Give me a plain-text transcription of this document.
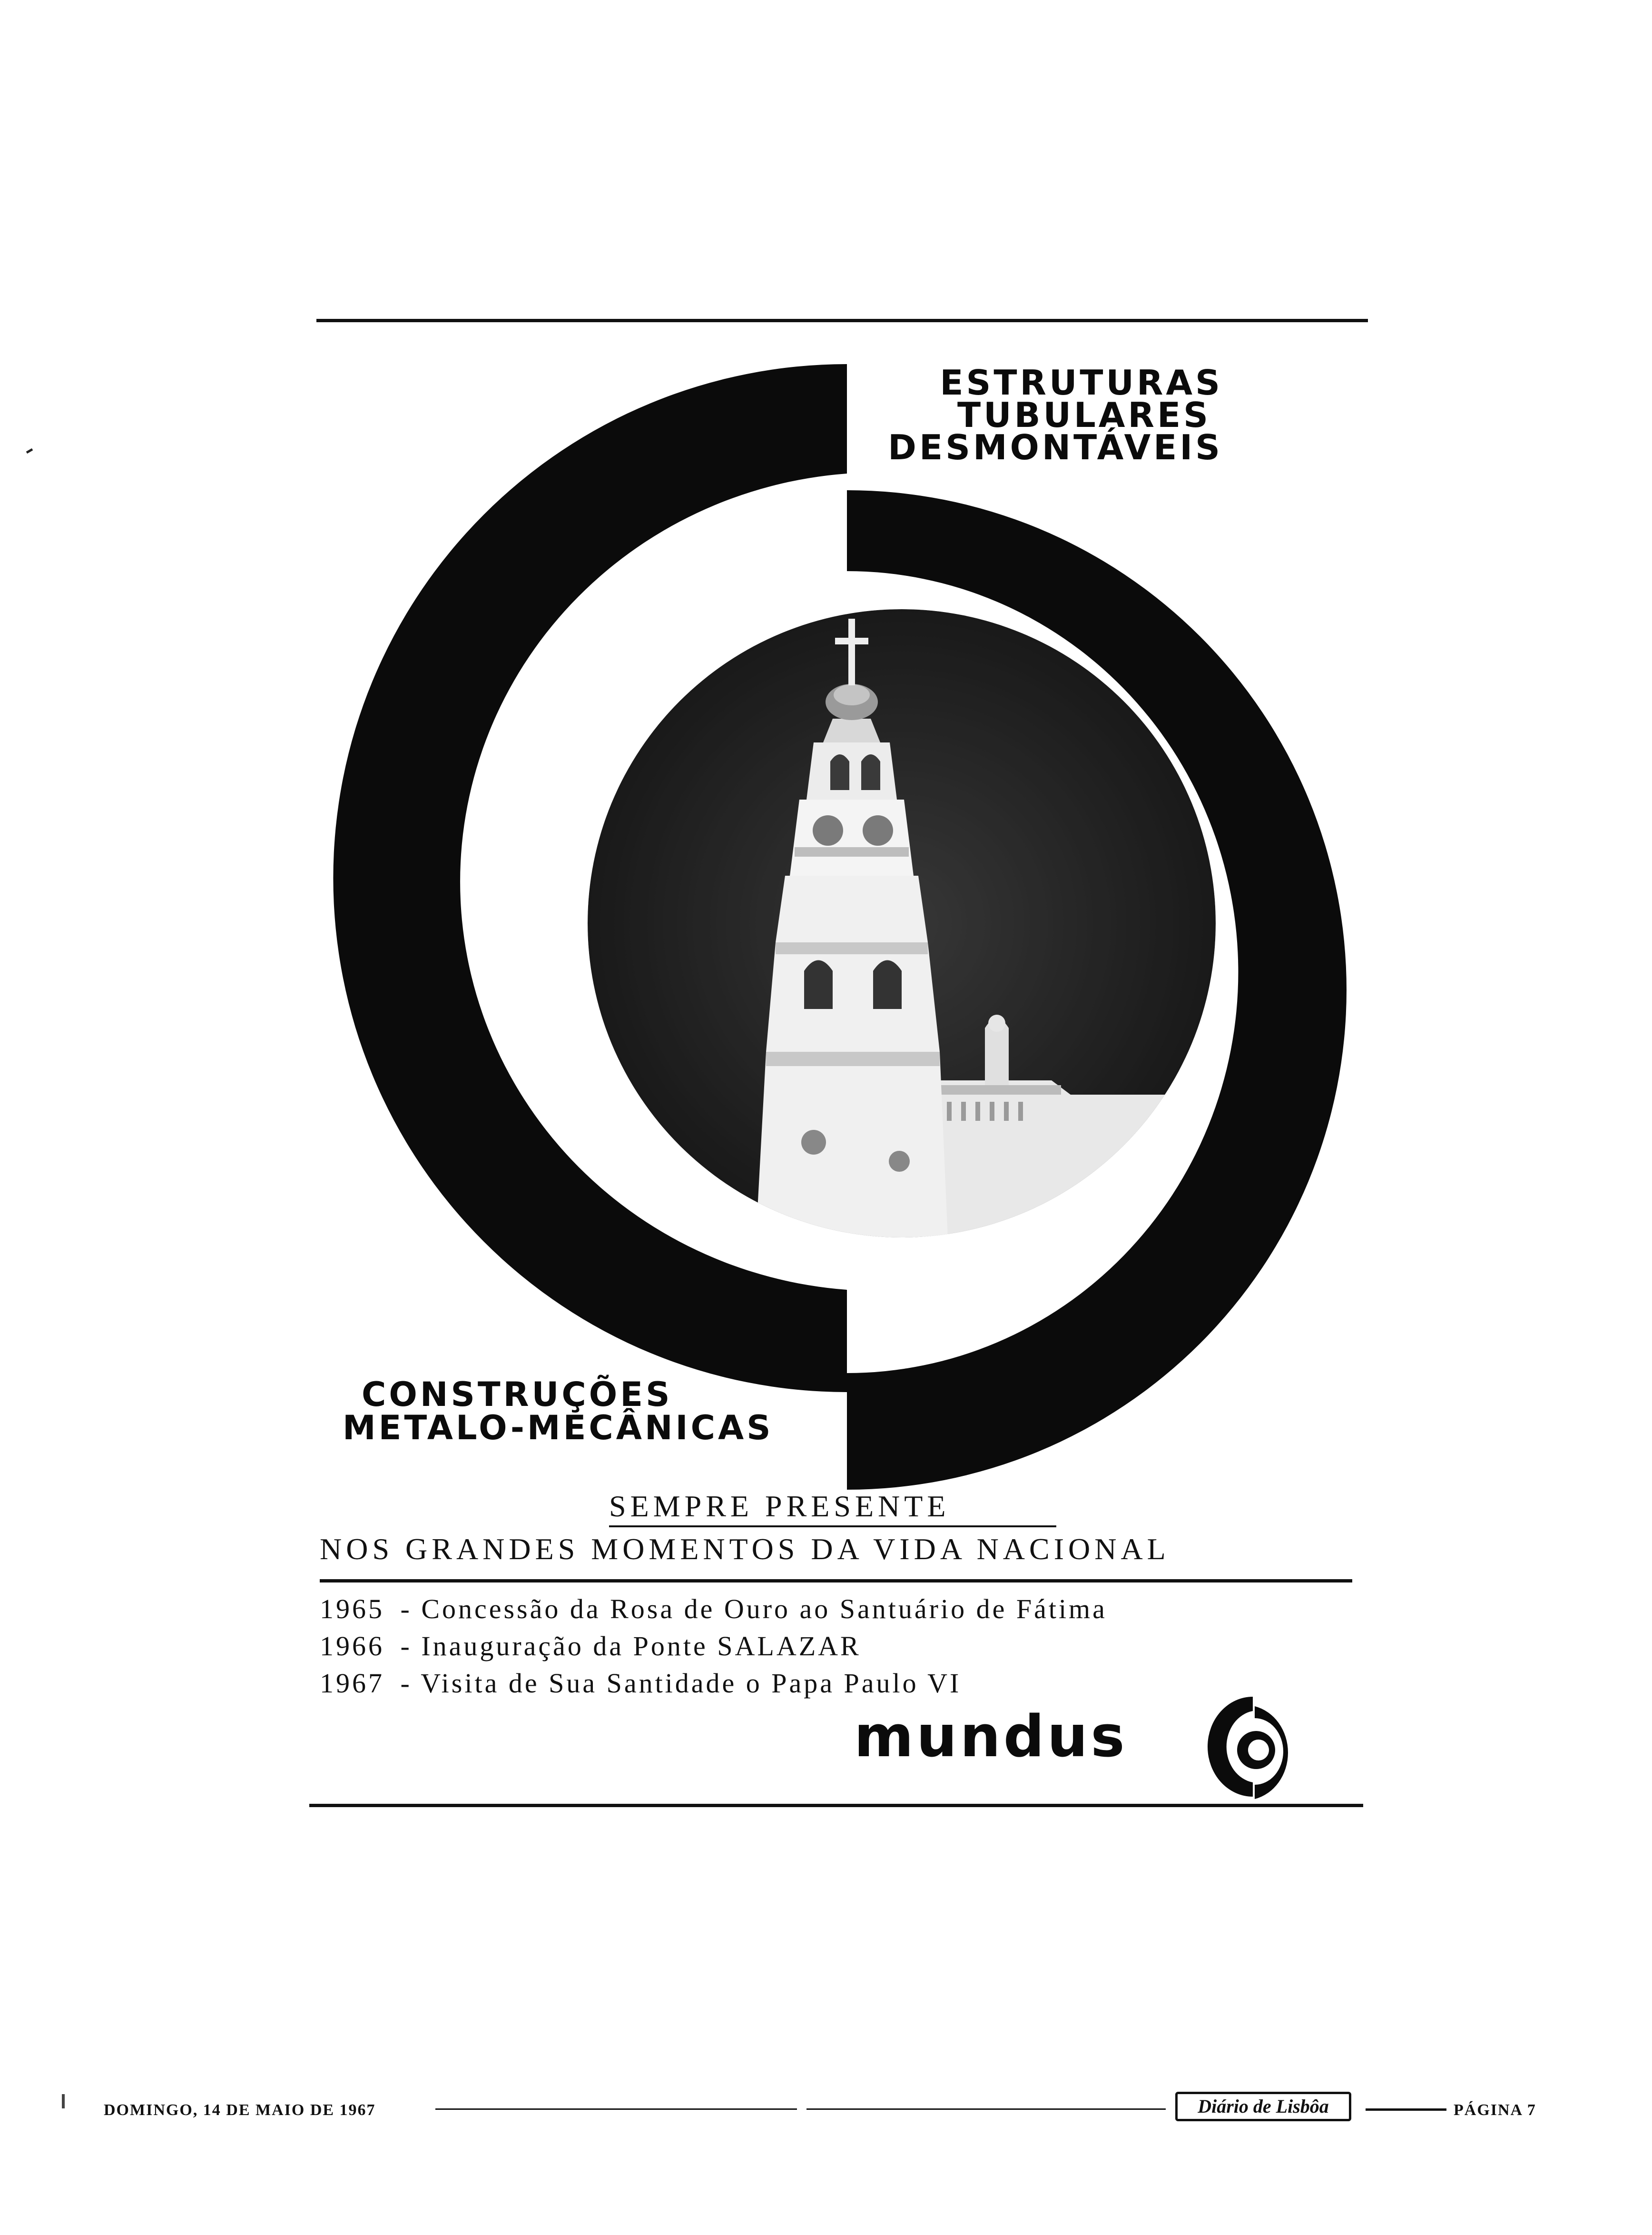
ESTRUTURAS
TUBULARES
DESMONTÁVEIS
CONSTRUÇÕES
METALO-MECÂNICAS
SEMPRE PRESENTE
NOS GRANDES MOMENTOS DA VIDA NACIONAL
1965 - Concessão da Rosa de Ouro ao Santuário de Fátima
1966 - Inauguração da Ponte SALAZAR
1967 - Visita de Sua Santidade o Papa Paulo VI
mundus
DOMINGO, 14 DE MAIO DE 1967	Diário de Lisbôa	PÁGINA 7
